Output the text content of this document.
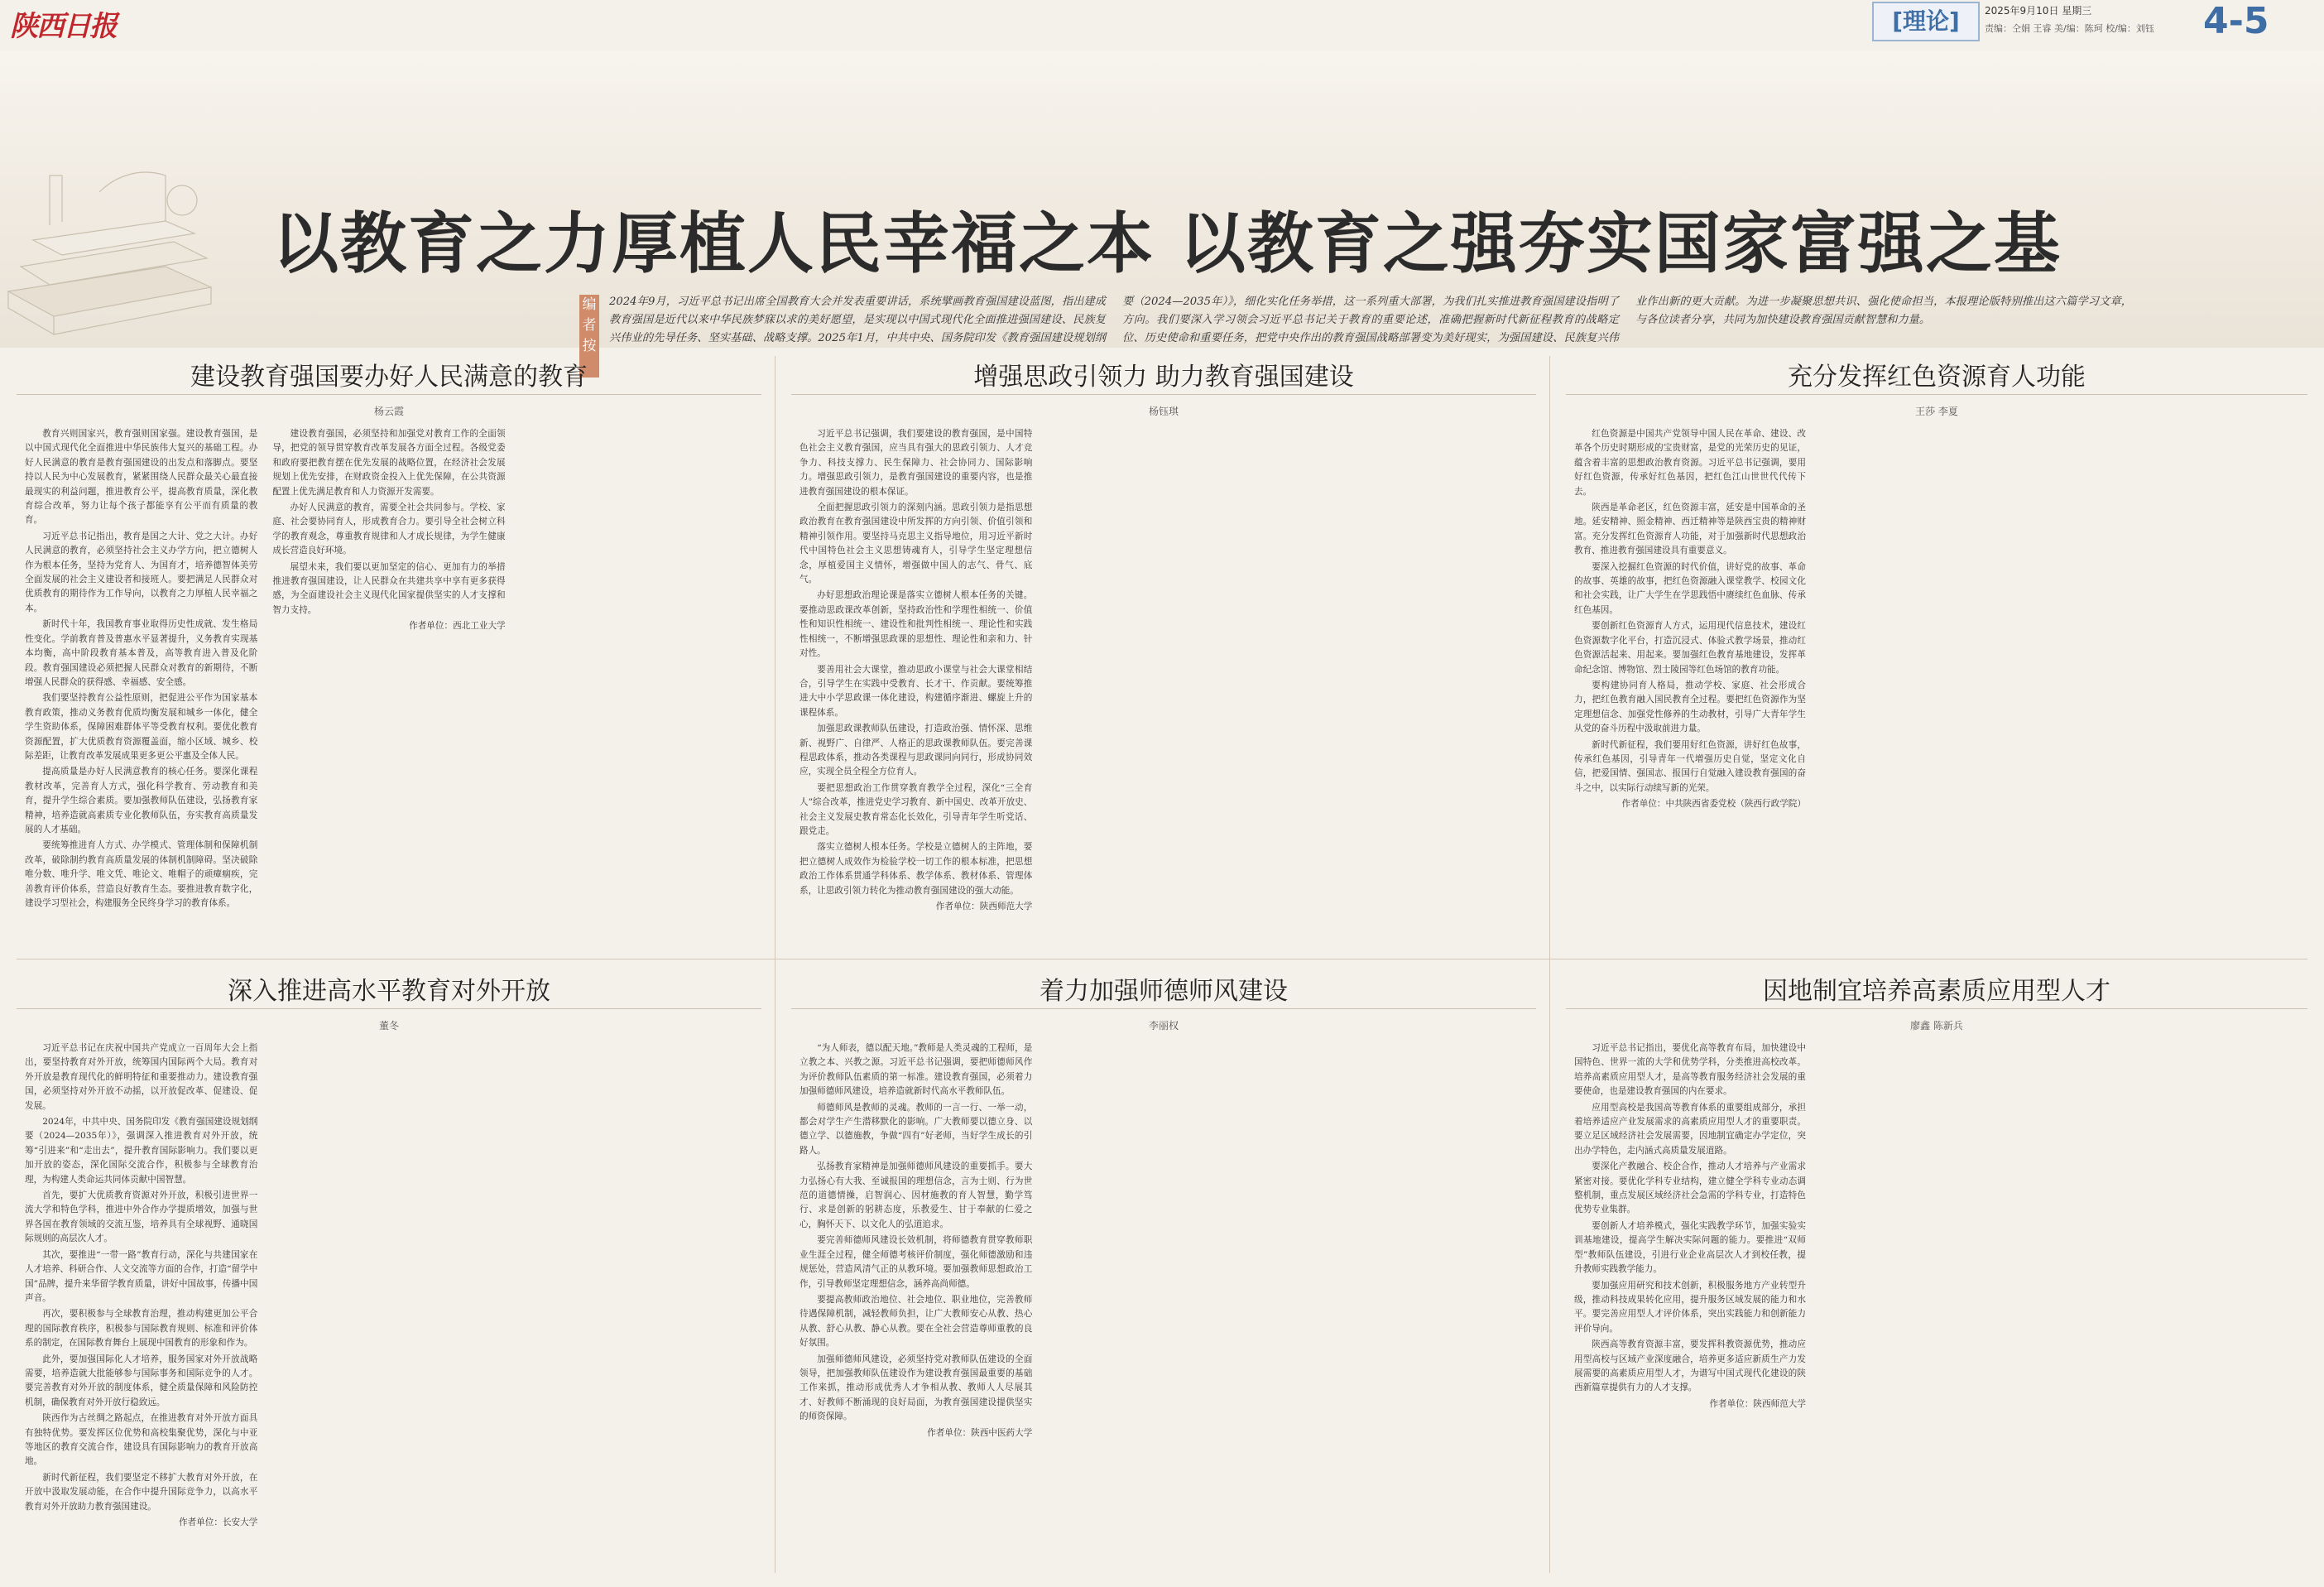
陕西日报	[理论]	2025年9月10日 星期三
责编：仝娟 王睿 美/编：陈珂 校/编：刘钰	4-5
以教育之力厚植人民幸福之本 以教育之强夯实国家富强之基
编者按
2024年9月，习近平总书记出席全国教育大会并发表重要讲话，系统擘画教育强国建设蓝图，指出建成教育强国是近代以来中华民族梦寐以求的美好愿望，是实现以中国式现代化全面推进强国建设、民族复兴伟业的先导任务、坚实基础、战略支撑。2025年1月，中共中央、国务院印发《教育强国建设规划纲要（2024—2035年）》，细化实化任务举措，这一系列重大部署，为我们扎实推进教育强国建设指明了方向。我们要深入学习领会习近平总书记关于教育的重要论述，准确把握新时代新征程教育的战略定位、历史使命和重要任务，把党中央作出的教育强国战略部署变为美好现实，为强国建设、民族复兴伟业作出新的更大贡献。为进一步凝聚思想共识、强化使命担当，本报理论版特别推出这六篇学习文章，与各位读者分享，共同为加快建设教育强国贡献智慧和力量。
建设教育强国要办好人民满意的教育
杨云霞

教育兴则国家兴，教育强则国家强。建设教育强国，是以中国式现代化全面推进中华民族伟大复兴的基础工程。办好人民满意的教育是教育强国建设的出发点和落脚点。要坚持以人民为中心发展教育，紧紧围绕人民群众最关心最直接最现实的利益问题，推进教育公平，提高教育质量，深化教育综合改革，努力让每个孩子都能享有公平而有质量的教育。

习近平总书记指出，教育是国之大计、党之大计。办好人民满意的教育，必须坚持社会主义办学方向，把立德树人作为根本任务，坚持为党育人、为国育才，培养德智体美劳全面发展的社会主义建设者和接班人。要把满足人民群众对优质教育的期待作为工作导向，以教育之力厚植人民幸福之本。

新时代十年，我国教育事业取得历史性成就、发生格局性变化。学前教育普及普惠水平显著提升，义务教育实现基本均衡，高中阶段教育基本普及，高等教育进入普及化阶段。教育强国建设必须把握人民群众对教育的新期待，不断增强人民群众的获得感、幸福感、安全感。

我们要坚持教育公益性原则，把促进公平作为国家基本教育政策，推动义务教育优质均衡发展和城乡一体化，健全学生资助体系，保障困难群体平等受教育权利。要优化教育资源配置，扩大优质教育资源覆盖面，缩小区域、城乡、校际差距，让教育改革发展成果更多更公平惠及全体人民。

提高质量是办好人民满意教育的核心任务。要深化课程教材改革，完善育人方式，强化科学教育、劳动教育和美育，提升学生综合素质。要加强教师队伍建设，弘扬教育家精神，培养造就高素质专业化教师队伍，夯实教育高质量发展的人才基础。

要统筹推进育人方式、办学模式、管理体制和保障机制改革，破除制约教育高质量发展的体制机制障碍。坚决破除唯分数、唯升学、唯文凭、唯论文、唯帽子的顽瘴痼疾，完善教育评价体系，营造良好教育生态。要推进教育数字化，建设学习型社会，构建服务全民终身学习的教育体系。

建设教育强国，必须坚持和加强党对教育工作的全面领导，把党的领导贯穿教育改革发展各方面全过程。各级党委和政府要把教育摆在优先发展的战略位置，在经济社会发展规划上优先安排，在财政资金投入上优先保障，在公共资源配置上优先满足教育和人力资源开发需要。

办好人民满意的教育，需要全社会共同参与。学校、家庭、社会要协同育人，形成教育合力。要引导全社会树立科学的教育观念，尊重教育规律和人才成长规律，为学生健康成长营造良好环境。

展望未来，我们要以更加坚定的信心、更加有力的举措推进教育强国建设，让人民群众在共建共享中享有更多获得感，为全面建设社会主义现代化国家提供坚实的人才支撑和智力支持。

作者单位：西北工业大学
增强思政引领力 助力教育强国建设
杨钰琪

习近平总书记强调，我们要建设的教育强国，是中国特色社会主义教育强国，应当具有强大的思政引领力、人才竞争力、科技支撑力、民生保障力、社会协同力、国际影响力。增强思政引领力，是教育强国建设的重要内容，也是推进教育强国建设的根本保证。

全面把握思政引领力的深刻内涵。思政引领力是指思想政治教育在教育强国建设中所发挥的方向引领、价值引领和精神引领作用。要坚持马克思主义指导地位，用习近平新时代中国特色社会主义思想铸魂育人，引导学生坚定理想信念，厚植爱国主义情怀，增强做中国人的志气、骨气、底气。

办好思想政治理论课是落实立德树人根本任务的关键。要推动思政课改革创新，坚持政治性和学理性相统一、价值性和知识性相统一、建设性和批判性相统一、理论性和实践性相统一，不断增强思政课的思想性、理论性和亲和力、针对性。

要善用社会大课堂，推动思政小课堂与社会大课堂相结合，引导学生在实践中受教育、长才干、作贡献。要统筹推进大中小学思政课一体化建设，构建循序渐进、螺旋上升的课程体系。

加强思政课教师队伍建设，打造政治强、情怀深、思维新、视野广、自律严、人格正的思政课教师队伍。要完善课程思政体系，推动各类课程与思政课同向同行，形成协同效应，实现全员全程全方位育人。

要把思想政治工作贯穿教育教学全过程，深化“三全育人”综合改革，推进党史学习教育、新中国史、改革开放史、社会主义发展史教育常态化长效化，引导青年学生听党话、跟党走。

落实立德树人根本任务。学校是立德树人的主阵地，要把立德树人成效作为检验学校一切工作的根本标准，把思想政治工作体系贯通学科体系、教学体系、教材体系、管理体系，让思政引领力转化为推动教育强国建设的强大动能。

作者单位：陕西师范大学
充分发挥红色资源育人功能
王莎 李夏

红色资源是中国共产党领导中国人民在革命、建设、改革各个历史时期形成的宝贵财富，是党的光荣历史的见证，蕴含着丰富的思想政治教育资源。习近平总书记强调，要用好红色资源，传承好红色基因，把红色江山世世代代传下去。

陕西是革命老区，红色资源丰富，延安是中国革命的圣地。延安精神、照金精神、西迁精神等是陕西宝贵的精神财富。充分发挥红色资源育人功能，对于加强新时代思想政治教育、推进教育强国建设具有重要意义。

要深入挖掘红色资源的时代价值，讲好党的故事、革命的故事、英雄的故事，把红色资源融入课堂教学、校园文化和社会实践，让广大学生在学思践悟中赓续红色血脉、传承红色基因。

要创新红色资源育人方式，运用现代信息技术，建设红色资源数字化平台，打造沉浸式、体验式教学场景，推动红色资源活起来、用起来。要加强红色教育基地建设，发挥革命纪念馆、博物馆、烈士陵园等红色场馆的教育功能。

要构建协同育人格局，推动学校、家庭、社会形成合力，把红色教育融入国民教育全过程。要把红色资源作为坚定理想信念、加强党性修养的生动教材，引导广大青年学生从党的奋斗历程中汲取前进力量。

新时代新征程，我们要用好红色资源，讲好红色故事，传承红色基因，引导青年一代增强历史自觉，坚定文化自信，把爱国情、强国志、报国行自觉融入建设教育强国的奋斗之中，以实际行动续写新的光荣。

作者单位：中共陕西省委党校（陕西行政学院）
深入推进高水平教育对外开放
董冬

习近平总书记在庆祝中国共产党成立一百周年大会上指出，要坚持教育对外开放，统筹国内国际两个大局。教育对外开放是教育现代化的鲜明特征和重要推动力。建设教育强国，必须坚持对外开放不动摇，以开放促改革、促建设、促发展。

2024年，中共中央、国务院印发《教育强国建设规划纲要（2024—2035年）》，强调深入推进教育对外开放，统筹“引进来”和“走出去”，提升教育国际影响力。我们要以更加开放的姿态，深化国际交流合作，积极参与全球教育治理，为构建人类命运共同体贡献中国智慧。

首先，要扩大优质教育资源对外开放，积极引进世界一流大学和特色学科，推进中外合作办学提质增效，加强与世界各国在教育领域的交流互鉴，培养具有全球视野、通晓国际规则的高层次人才。

其次，要推进“一带一路”教育行动，深化与共建国家在人才培养、科研合作、人文交流等方面的合作，打造“留学中国”品牌，提升来华留学教育质量，讲好中国故事，传播中国声音。

再次，要积极参与全球教育治理，推动构建更加公平合理的国际教育秩序，积极参与国际教育规则、标准和评价体系的制定，在国际教育舞台上展现中国教育的形象和作为。

此外，要加强国际化人才培养，服务国家对外开放战略需要，培养造就大批能够参与国际事务和国际竞争的人才。要完善教育对外开放的制度体系，健全质量保障和风险防控机制，确保教育对外开放行稳致远。

陕西作为古丝绸之路起点，在推进教育对外开放方面具有独特优势。要发挥区位优势和高校集聚优势，深化与中亚等地区的教育交流合作，建设具有国际影响力的教育开放高地。

新时代新征程，我们要坚定不移扩大教育对外开放，在开放中汲取发展动能，在合作中提升国际竞争力，以高水平教育对外开放助力教育强国建设。

作者单位：长安大学
着力加强师德师风建设
李丽权

“为人师表，德以配天地。”教师是人类灵魂的工程师，是立教之本、兴教之源。习近平总书记强调，要把师德师风作为评价教师队伍素质的第一标准。建设教育强国，必须着力加强师德师风建设，培养造就新时代高水平教师队伍。

师德师风是教师的灵魂。教师的一言一行、一举一动，都会对学生产生潜移默化的影响。广大教师要以德立身、以德立学、以德施教，争做“四有”好老师，当好学生成长的引路人。

弘扬教育家精神是加强师德师风建设的重要抓手。要大力弘扬心有大我、至诚报国的理想信念，言为士则、行为世范的道德情操，启智润心、因材施教的育人智慧，勤学笃行、求是创新的躬耕态度，乐教爱生、甘于奉献的仁爱之心，胸怀天下、以文化人的弘道追求。

要完善师德师风建设长效机制，将师德教育贯穿教师职业生涯全过程，健全师德考核评价制度，强化师德激励和违规惩处，营造风清气正的从教环境。要加强教师思想政治工作，引导教师坚定理想信念，涵养高尚师德。

要提高教师政治地位、社会地位、职业地位，完善教师待遇保障机制，减轻教师负担，让广大教师安心从教、热心从教、舒心从教、静心从教。要在全社会营造尊师重教的良好氛围。

加强师德师风建设，必须坚持党对教师队伍建设的全面领导，把加强教师队伍建设作为建设教育强国最重要的基础工作来抓，推动形成优秀人才争相从教、教师人人尽展其才、好教师不断涌现的良好局面，为教育强国建设提供坚实的师资保障。

作者单位：陕西中医药大学
因地制宜培养高素质应用型人才
廖鑫 陈新兵

习近平总书记指出，要优化高等教育布局，加快建设中国特色、世界一流的大学和优势学科，分类推进高校改革。培养高素质应用型人才，是高等教育服务经济社会发展的重要使命，也是建设教育强国的内在要求。

应用型高校是我国高等教育体系的重要组成部分，承担着培养适应产业发展需求的高素质应用型人才的重要职责。要立足区域经济社会发展需要，因地制宜确定办学定位，突出办学特色，走内涵式高质量发展道路。

要深化产教融合、校企合作，推动人才培养与产业需求紧密对接。要优化学科专业结构，建立健全学科专业动态调整机制，重点发展区域经济社会急需的学科专业，打造特色优势专业集群。

要创新人才培养模式，强化实践教学环节，加强实验实训基地建设，提高学生解决实际问题的能力。要推进“双师型”教师队伍建设，引进行业企业高层次人才到校任教，提升教师实践教学能力。

要加强应用研究和技术创新，积极服务地方产业转型升级，推动科技成果转化应用，提升服务区域发展的能力和水平。要完善应用型人才评价体系，突出实践能力和创新能力评价导向。

陕西高等教育资源丰富，要发挥科教资源优势，推动应用型高校与区域产业深度融合，培养更多适应新质生产力发展需要的高素质应用型人才，为谱写中国式现代化建设的陕西新篇章提供有力的人才支撑。

作者单位：陕西师范大学
